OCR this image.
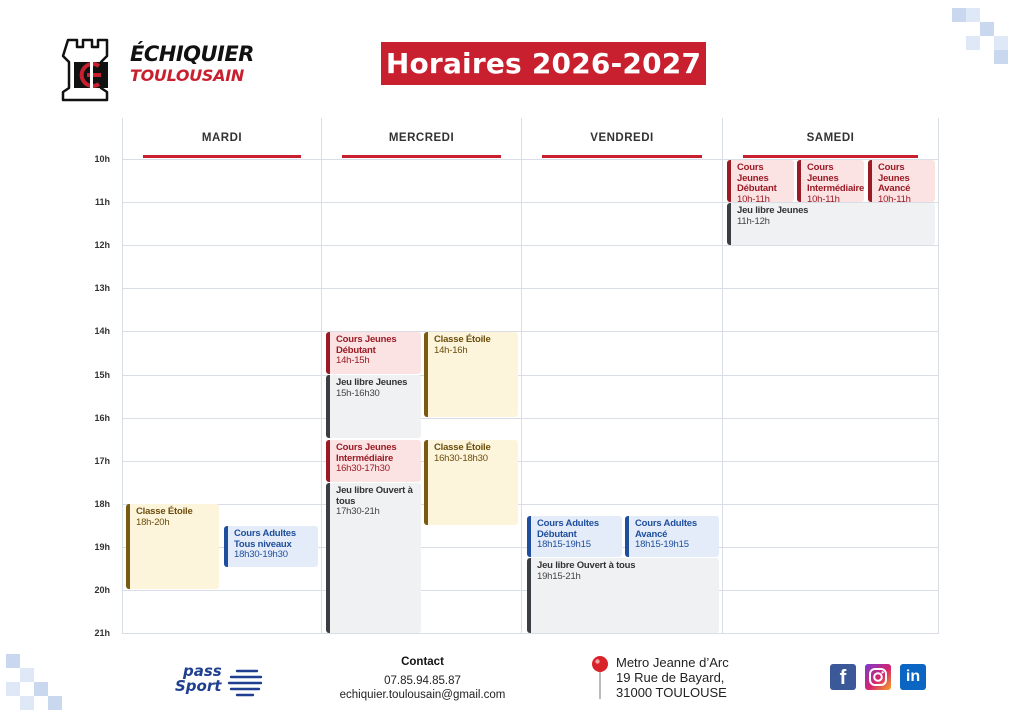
ÉCHIQUIER
TOULOUSAIN	Horaires 2026-2027
MARDI	MERCREDI	VENDREDI	SAMEDI
10h
11h
12h
13h
14h
15h
16h
17h
18h
19h
20h
21h
pass
Sport
Contact
07.85.94.85.87
echiquier.toulousain@gmail.com
Metro Jeanne d’Arc
19 Rue de Bayard,
31000 TOULOUSE
f	in
Classe Étoile
18h-20h
Cours Adultes Tous niveaux
18h30-19h30
Cours Jeunes Débutant
14h-15h
Classe Étoile
14h-16h
Jeu libre Jeunes
15h-16h30
Cours Jeunes Intermédiaire
16h30-17h30
Classe Étoile
16h30-18h30
Jeu libre Ouvert à tous
17h30-21h
Cours Adultes Débutant
18h15-19h15
Cours Adultes Avancé
18h15-19h15
Jeu libre Ouvert à tous
19h15-21h
Cours Jeunes Débutant
10h-11h
Cours Jeunes Intermédiaire
10h-11h
Cours Jeunes Avancé
10h-11h
Jeu libre Jeunes
11h-12h
